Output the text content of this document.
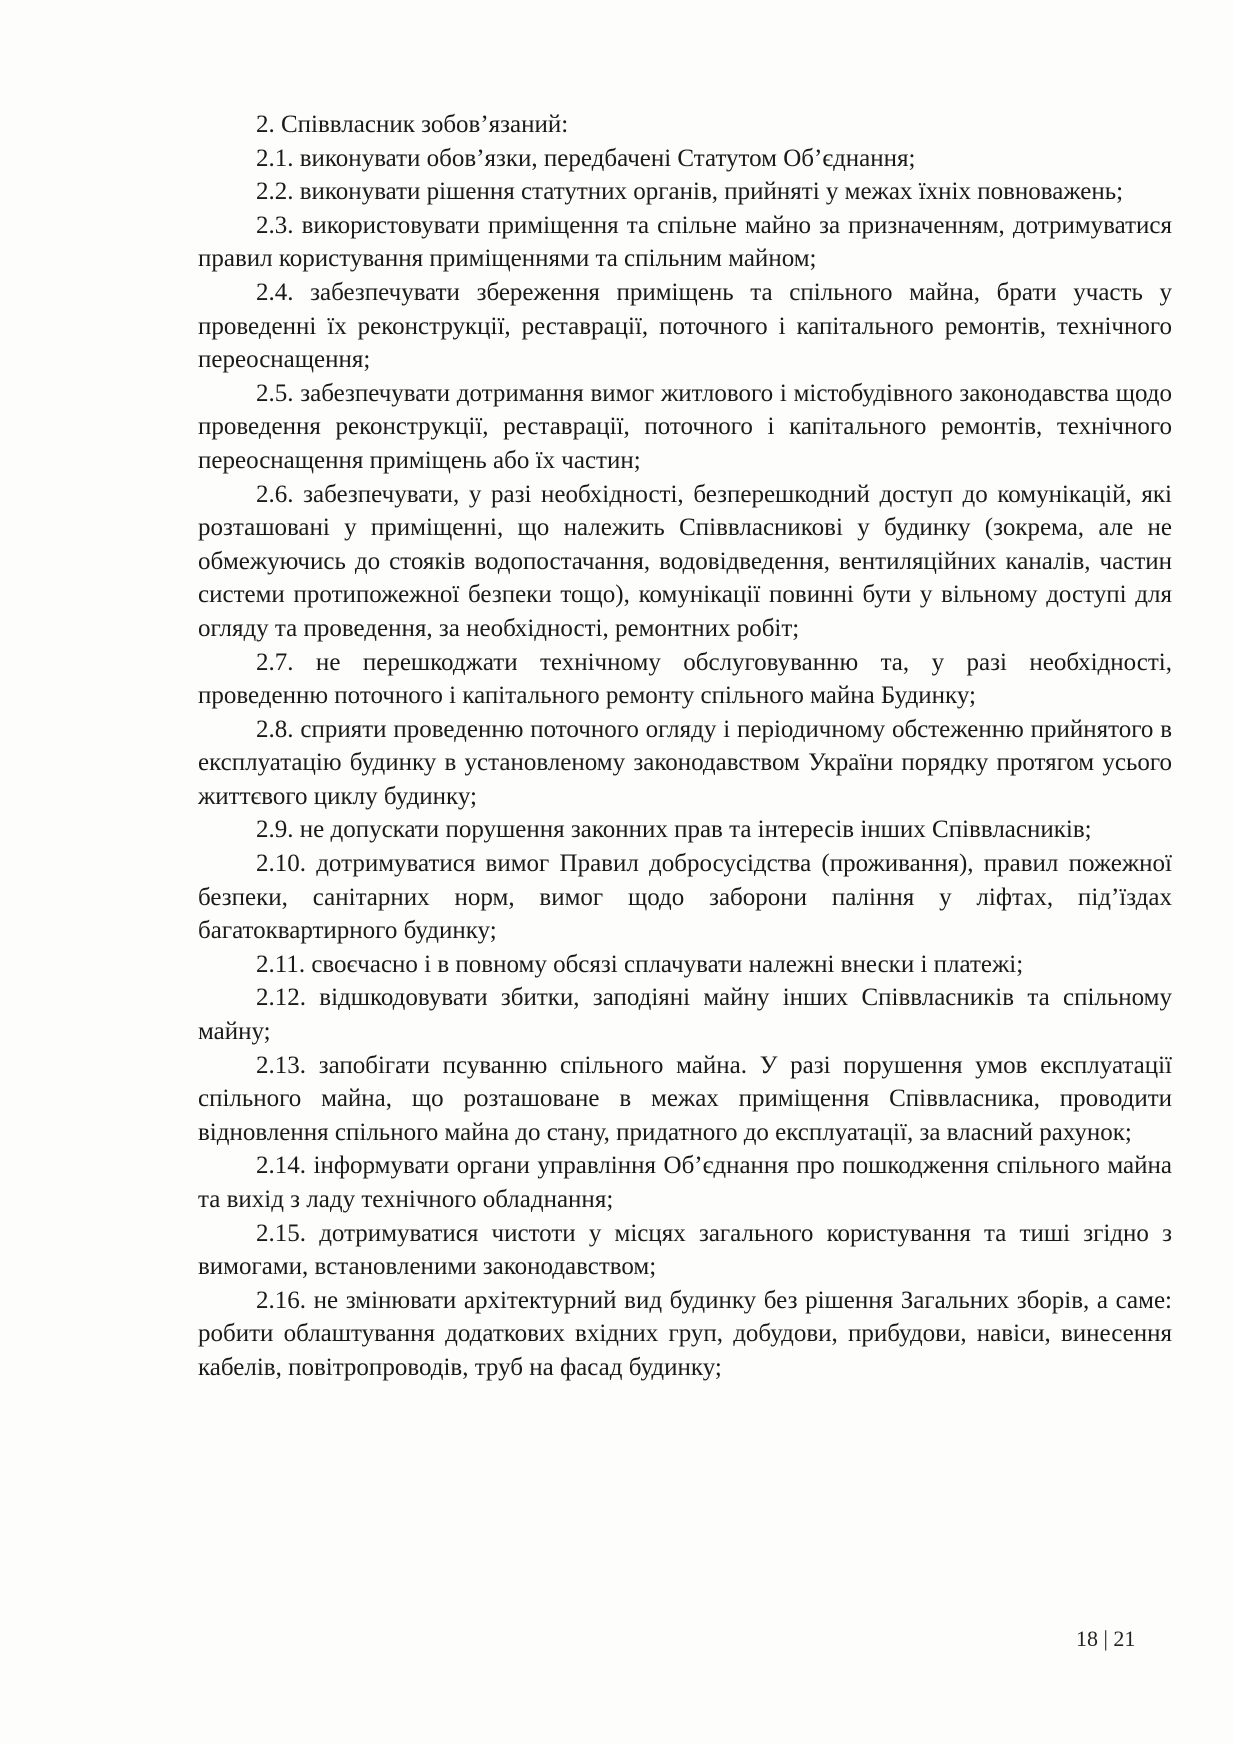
2. Співвласник зобов’язаний:

2.1. виконувати обов’язки, передбачені Статутом Об’єднання;

2.2. виконувати рішення статутних органів, прийняті у межах їхніх повноважень;

2.3. використовувати приміщення та спільне майно за призначенням, дотримуватися правил користування приміщеннями та спільним майном;

2.4. забезпечувати збереження приміщень та спільного майна, брати участь у проведенні їх реконструкції, реставрації, поточного і капітального ремонтів, технічного переоснащення;

2.5. забезпечувати дотримання вимог житлового і містобудівного законодавства щодо проведення реконструкції, реставрації, поточного і капітального ремонтів, технічного переоснащення приміщень або їх частин;

2.6. забезпечувати, у разі необхідності, безперешкодний доступ до комунікацій, які розташовані у приміщенні, що належить Співвласникові у будинку (зокрема, але не обмежуючись до стояків водопостачання, водовідведення, вентиляційних каналів, частин системи протипожежної безпеки тощо), комунікації повинні бути у вільному доступі для огляду та проведення, за необхідності, ремонтних робіт;

2.7. не перешкоджати технічному обслуговуванню та, у разі необхідності, проведенню поточного і капітального ремонту спільного майна Будинку;

2.8. сприяти проведенню поточного огляду і періодичному обстеженню прийнятого в експлуатацію будинку в установленому законодавством України порядку протягом усього життєвого циклу будинку;

2.9. не допускати порушення законних прав та інтересів інших Співвласників;

2.10. дотримуватися вимог Правил добросусідства (проживання), правил пожежної безпеки, санітарних норм, вимог щодо заборони паління у ліфтах, під’їздах багатоквартирного будинку;

2.11. своєчасно і в повному обсязі сплачувати належні внески і платежі;

2.12. відшкодовувати збитки, заподіяні майну інших Співвласників та спільному майну;

2.13. запобігати псуванню спільного майна. У разі порушення умов експлуатації спільного майна, що розташоване в межах приміщення Співвласника, проводити відновлення спільного майна до стану, придатного до експлуатації, за власний рахунок;

2.14. інформувати органи управління Об’єднання про пошкодження спільного майна та вихід з ладу технічного обладнання;

2.15. дотримуватися чистоти у місцях загального користування та тиші згідно з вимогами, встановленими законодавством;

2.16. не змінювати архітектурний вид будинку без рішення Загальних зборів, а саме: робити облаштування додаткових вхідних груп, добудови, прибудови, навіси, винесення кабелів, повітропроводів, труб на фасад будинку;

18 | 21
